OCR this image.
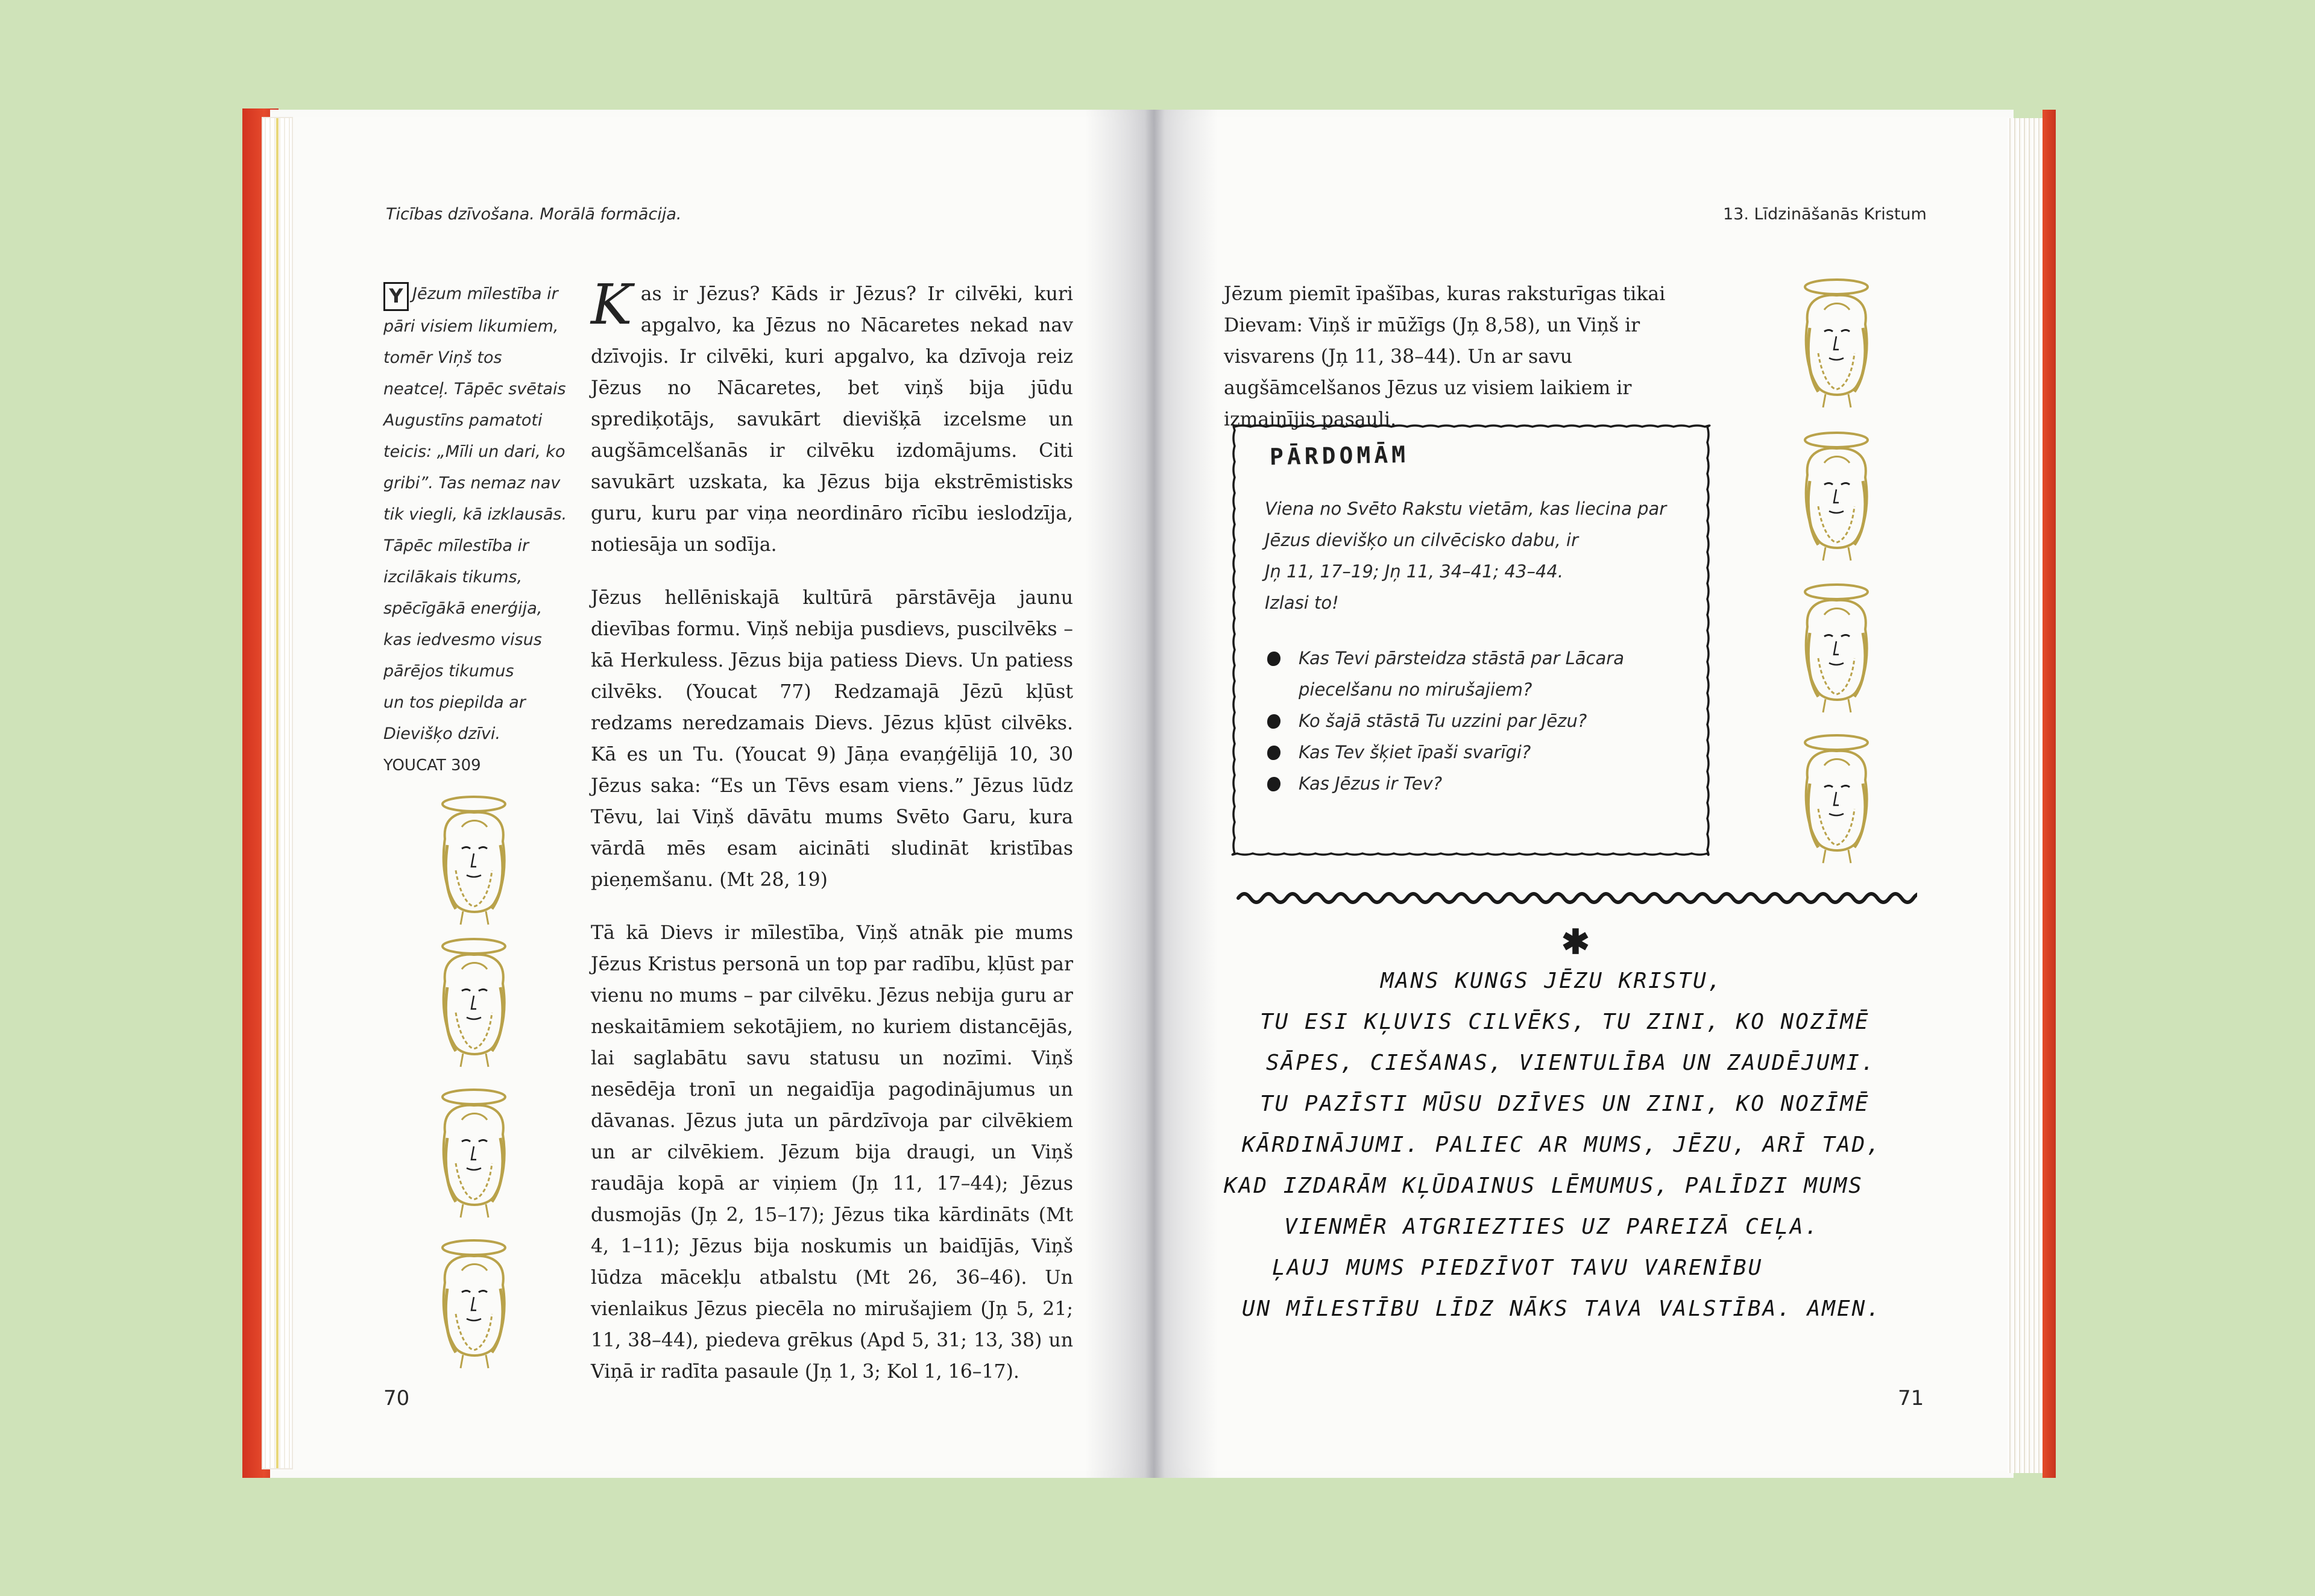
Ticības dzīvošana. Morālā formācija.
Y Jēzum mīlestība ir
pāri visiem likumiem,
tomēr Viņš tos
neatceļ. Tāpēc svētais
Augustīns pamatoti
teicis: „Mīli un dari, ko
gribi”. Tas nemaz nav
tik viegli, kā izklausās.
Tāpēc mīlestība ir
izcilākais tikums,
spēcīgākā enerģija,
kas iedvesmo visus
pārējos tikumus
un tos piepilda ar
Dievišķo dzīvi.
YOUCAT 309

Kas ir Jēzus? Kāds ir Jēzus? Ir cilvēki, kuri apgalvo, ka Jēzus no Nācaretes nekad nav dzīvojis. Ir cilvēki, kuri apgalvo, ka dzīvoja reiz Jēzus no Nācaretes, bet viņš bija jūdu sprediķotājs, savukārt dievišķā izcelsme un augšāmcelšanās ir cilvēku izdomājums. Citi savukārt uzskata, ka Jēzus bija ekstrēmistisks guru, kuru par viņa neordināro rīcību ieslodzīja, notiesāja un sodīja.

Jēzus hellēniskajā kultūrā pārstāvēja jaunu dievības formu. Viņš nebija pusdievs, puscilvēks – kā Herkuless. Jēzus bija patiess Dievs. Un patiess cilvēks. (Youcat 77) Redzamajā Jēzū kļūst redzams neredzamais Dievs. Jēzus kļūst cilvēks. Kā es un Tu. (Youcat 9) Jāņa evaņģēlijā 10, 30 Jēzus saka: “Es un Tēvs esam viens.” Jēzus lūdz Tēvu, lai Viņš dāvātu mums Svēto Garu, kura vārdā mēs esam aicināti sludināt kristības pieņemšanu. (Mt 28, 19)

Tā kā Dievs ir mīlestība, Viņš atnāk pie mums Jēzus Kristus personā un top par radību, kļūst par vienu no mums – par cilvēku. Jēzus nebija guru ar neskaitāmiem sekotājiem, no kuriem distancējās, lai saglabātu savu statusu un nozīmi. Viņš nesēdēja tronī un negaidīja pagodinājumus un dāvanas. Jēzus juta un pārdzīvoja par cilvēkiem un ar cilvēkiem. Jēzum bija draugi, un Viņš raudāja kopā ar viņiem (Jņ 11, 17–44); Jēzus dusmojās (Jņ 2, 15–17); Jēzus tika kārdināts (Mt 4, 1–11); Jēzus bija noskumis un baidījās, Viņš lūdza mācekļu atbalstu (Mt 26, 36–46). Un vienlaikus Jēzus piecēla no mirušajiem (Jņ 5, 21; 11, 38–44), piedeva grēkus (Apd 5, 31; 13, 38) un Viņā ir radīta pasaule (Jņ 1, 3; Kol 1, 16–17).

70
13. Līdzināšanās Kristum

Jēzum piemīt īpašības, kuras raksturīgas tikai Dievam: Viņš ir mūžīgs (Jņ 8,58), un Viņš ir visvarens (Jņ 11, 38–44). Un ar savu augšāmcelšanos Jēzus uz visiem laikiem ir izmainījis pasauli.

PĀRDOMĀM
Viena no Svēto Rakstu vietām, kas liecina par
Jēzus dievišķo un cilvēcisko dabu, ir
Jņ 11, 17–19; Jņ 11, 34–41; 43–44.
Izlasi to!
Kas Tevi pārsteidza stāstā par Lācara piecelšanu no mirušajiem?
Ko šajā stāstā Tu uzzini par Jēzu?
Kas Tev šķiet īpaši svarīgi?
Kas Jēzus ir Tev?
✱
MANS KUNGS JĒZU KRISTU,
TU ESI KĻUVIS CILVĒKS, TU ZINI, KO NOZĪMĒ
SĀPES, CIEŠANAS, VIENTULĪBA UN ZAUDĒJUMI.
TU PAZĪSTI MŪSU DZĪVES UN ZINI, KO NOZĪMĒ
KĀRDINĀJUMI. PALIEC AR MUMS, JĒZU, ARĪ TAD,
KAD IZDARĀM KĻŪDAINUS LĒMUMUS, PALĪDZI MUMS
VIENMĒR ATGRIEZTIES UZ PAREIZĀ CEĻA.
ĻAUJ MUMS PIEDZĪVOT TAVU VARENĪBU
UN MĪLESTĪBU LĪDZ NĀKS TAVA VALSTĪBA. AMEN.
71
